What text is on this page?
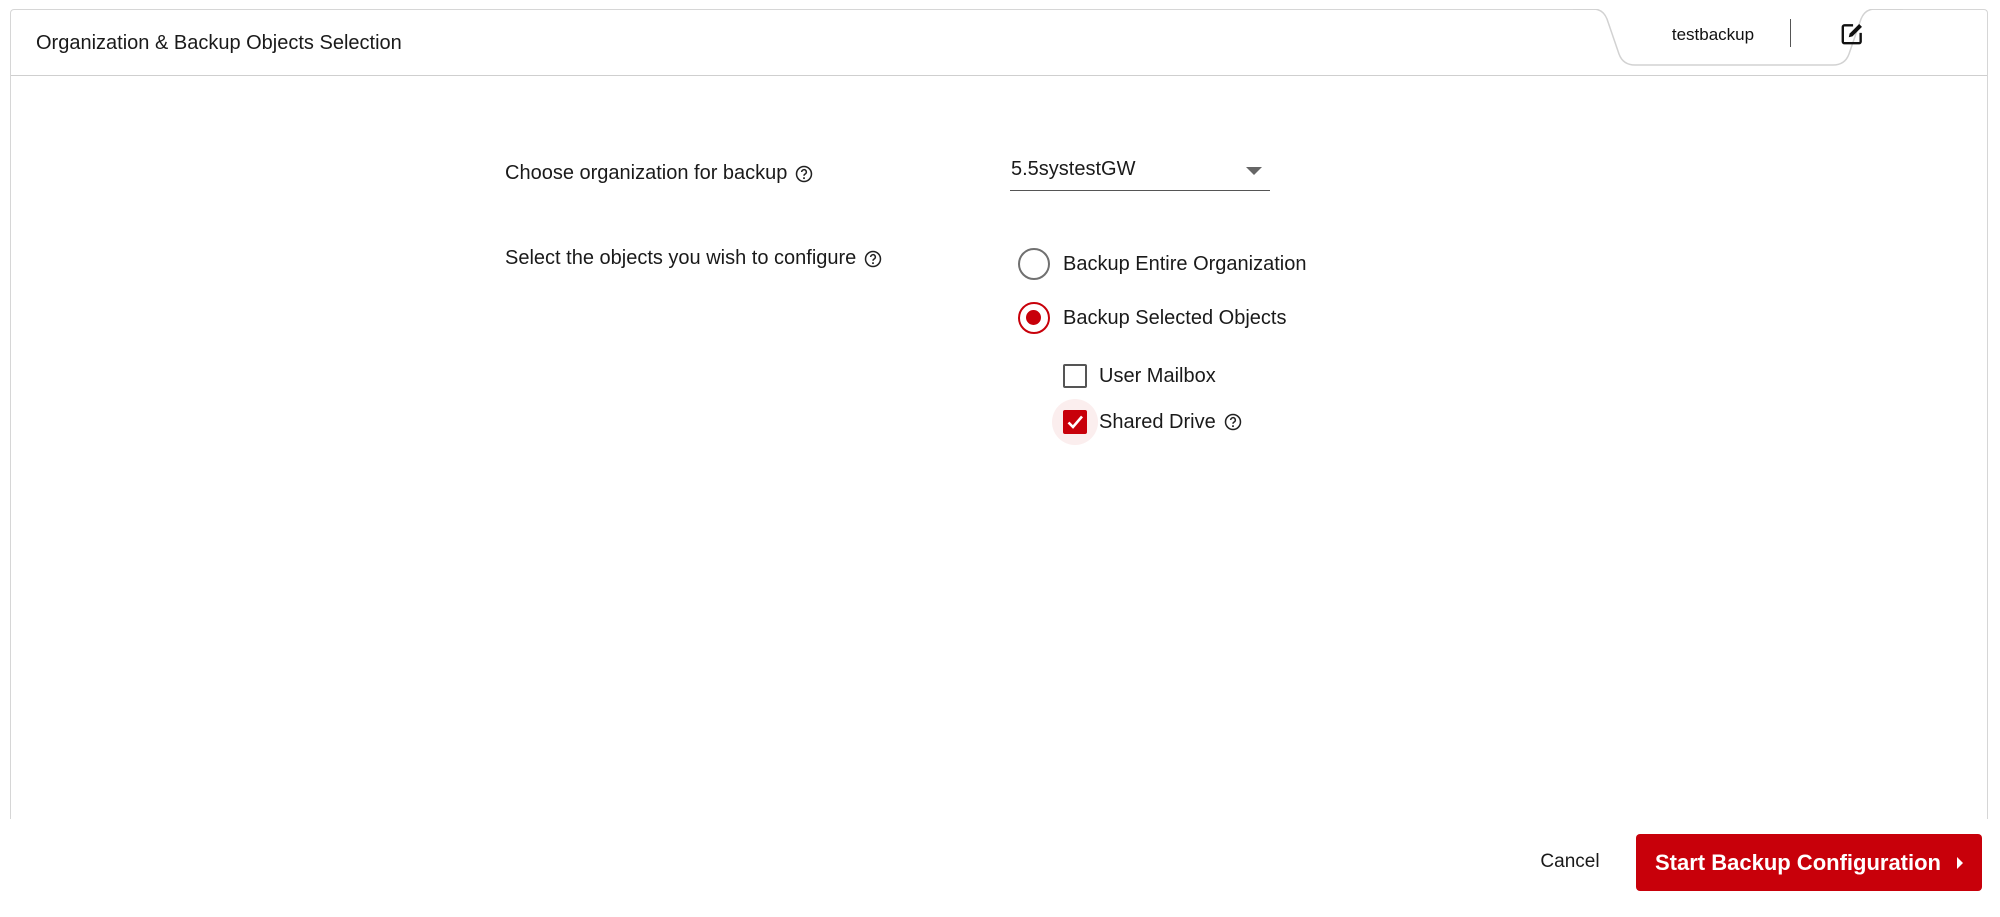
Organization & Backup Objects Selection	testbackup
Choose organization for backup	5.5systestGW
Select the objects you wish to configure	Backup Entire Organization
Backup Selected Objects
User Mailbox
Shared Drive
Cancel	Start Backup Configuration
